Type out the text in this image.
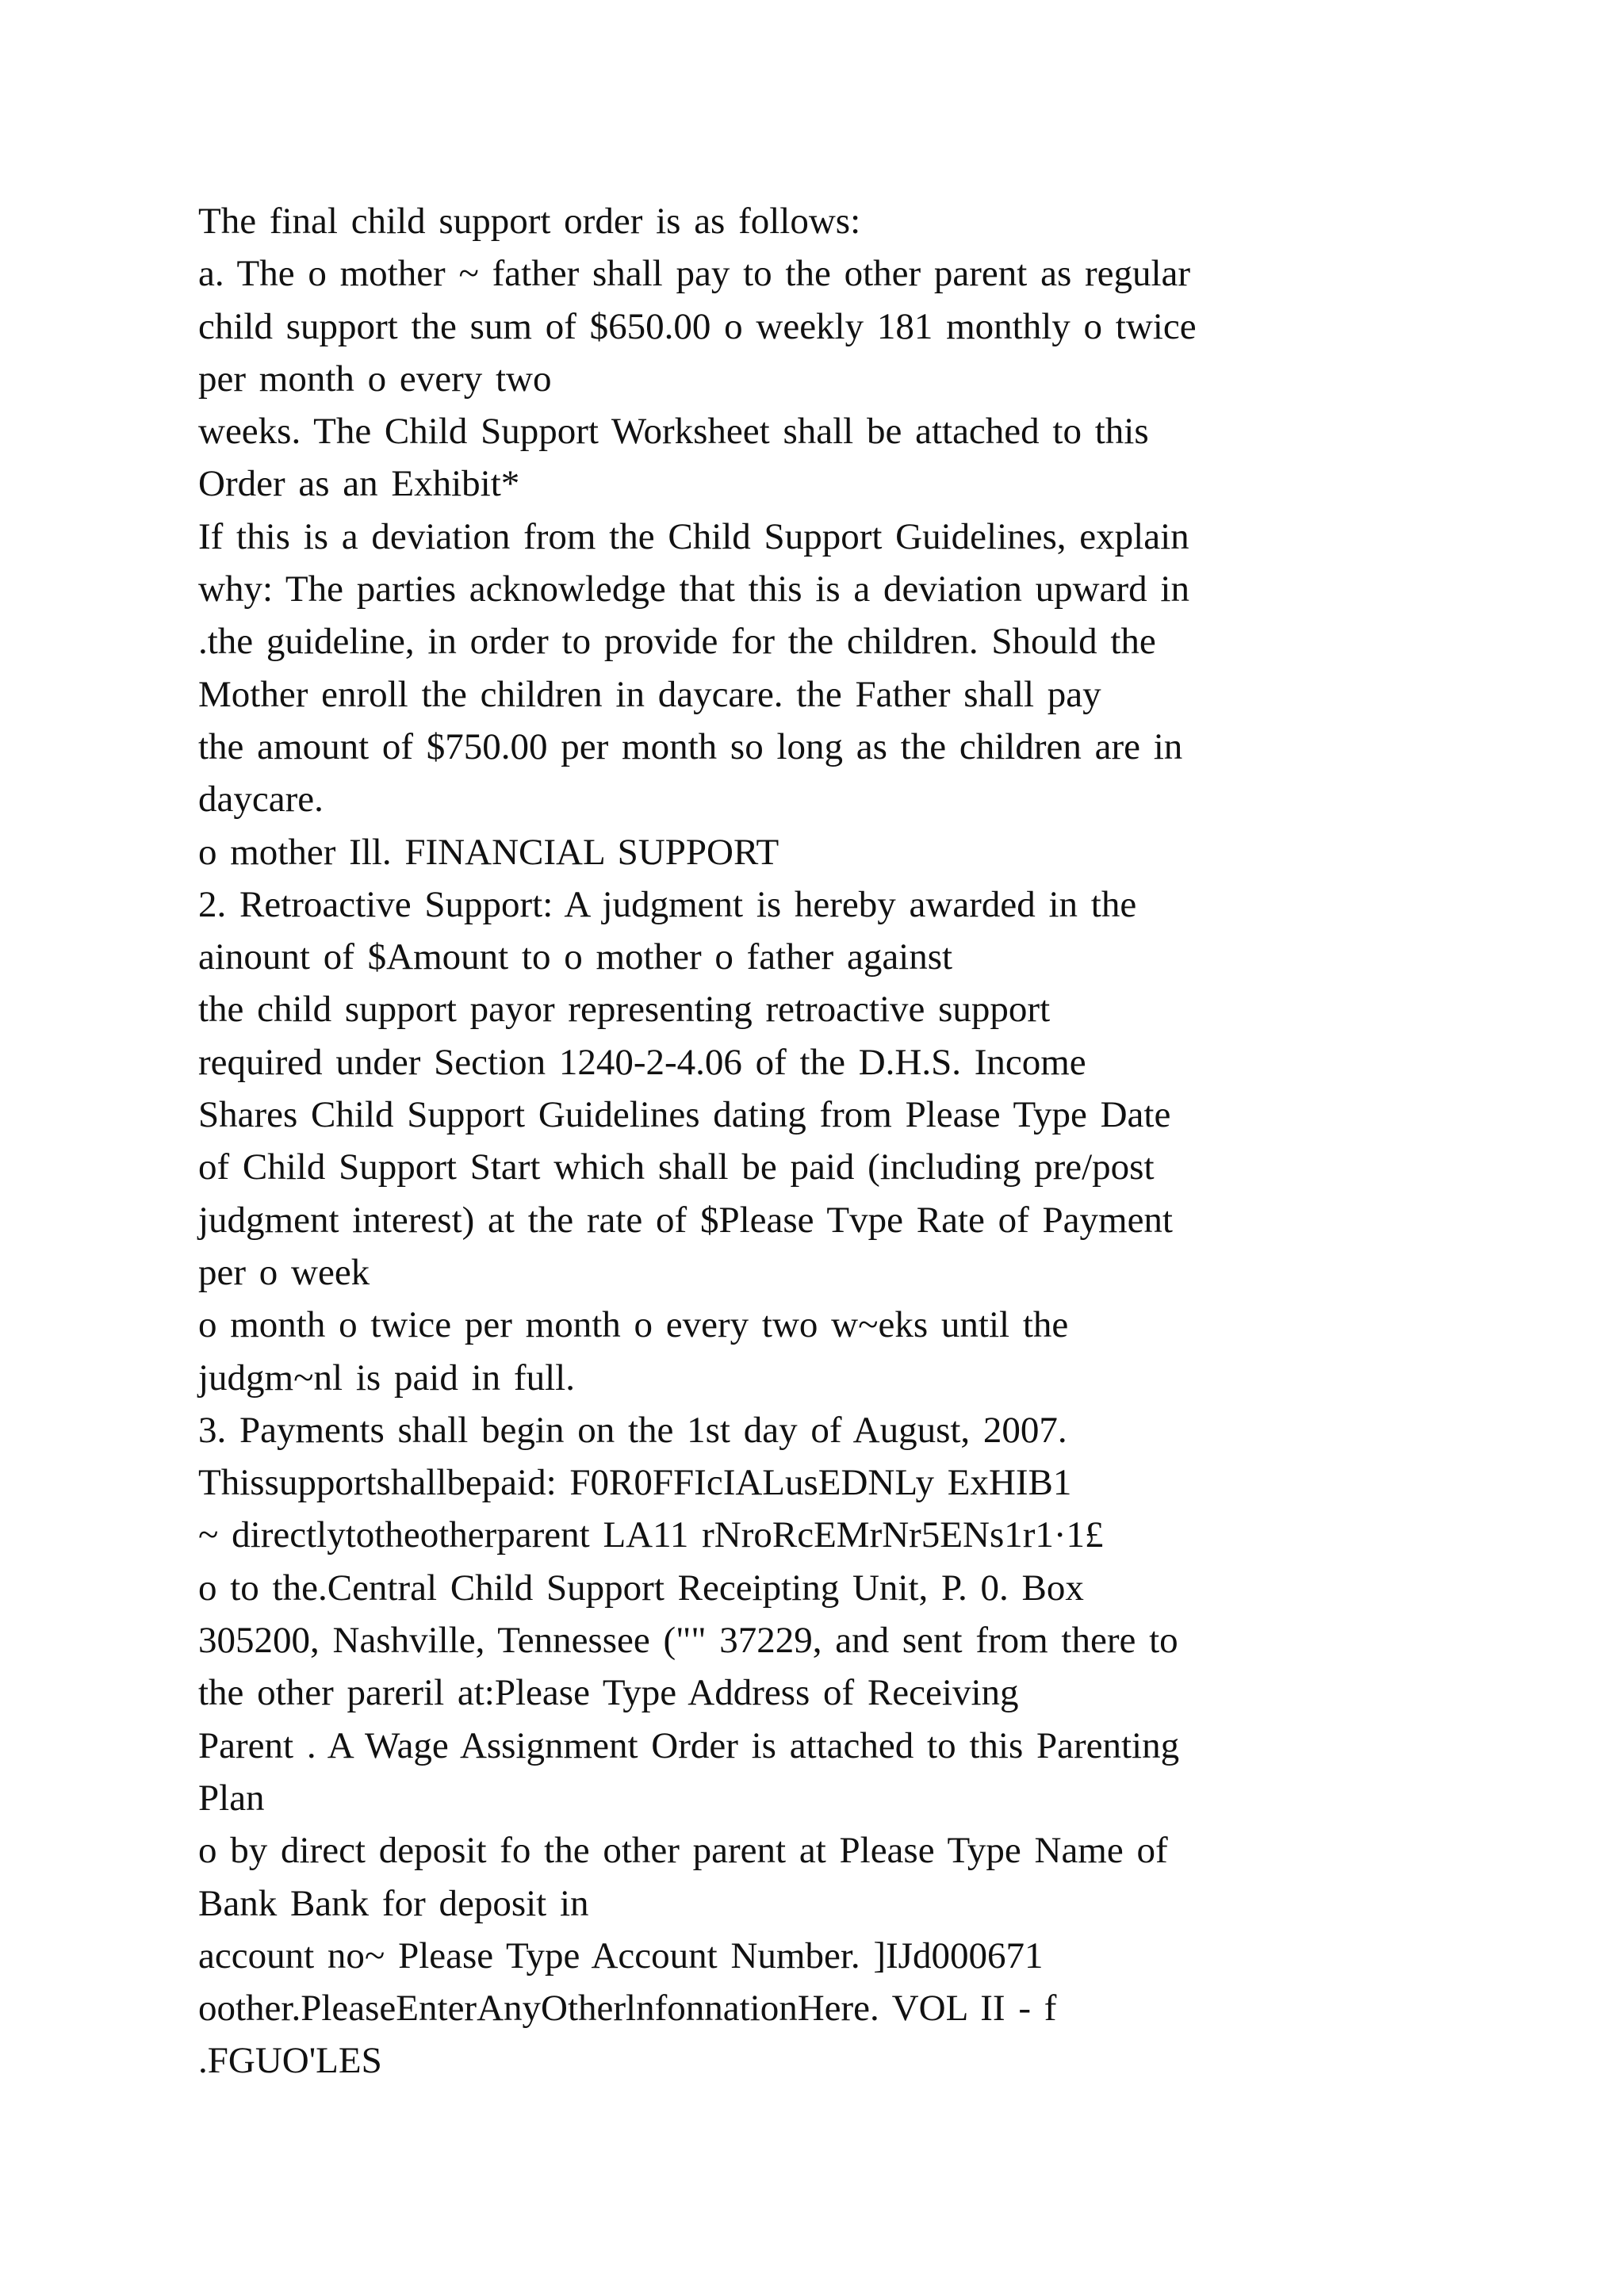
The final child support order is as follows:
a. The o mother ~ father shall pay to the other parent as regular
child support the sum of $650.00 o weekly 181 monthly o twice
per month o every two
weeks. The Child Support Worksheet shall be attached to this
Order as an Exhibit*
If this is a deviation from the Child Support Guidelines, explain
why: The parties acknowledge that this is a deviation upward in
.the guideline, in order to provide for the children. Should the
Mother enroll the children in daycare. the Father shall pay
the amount of $750.00 per month so long as the children are in
daycare.
o mother Ill. FINANCIAL SUPPORT
2. Retroactive Support: A judgment is hereby awarded in the
ainount of $Amount to o mother o father against
the child support payor representing retroactive support
required under Section 1240-2-4.06 of the D.H.S. Income
Shares Child Support Guidelines dating from Please Type Date
of Child Support Start which shall be paid (including pre/post
judgment interest) at the rate of $Please Tvpe Rate of Payment
per o week
o month o twice per month o every two w~eks until the
judgm~nl is paid in full.
3. Payments shall begin on the 1st day of August, 2007.
Thissupportshallbepaid: F0R0FFIcIALusEDNLy ExHIB1
~ directlytotheotherparent LA11 rNroRcEMrNr5ENs1r1·1£
o to the.Central Child Support Receipting Unit, P. 0. Box
305200, Nashville, Tennessee ("" 37229, and sent from there to
the other pareril at:Please Type Address of Receiving
Parent . A Wage Assignment Order is attached to this Parenting
Plan
o by direct deposit fo the other parent at Please Type Name of
Bank Bank for deposit in
account no~ Please Type Account Number. ]IJd000671
oother.PleaseEnterAnyOtherlnfonnationHere. VOL II - f
.FGUO'LES
